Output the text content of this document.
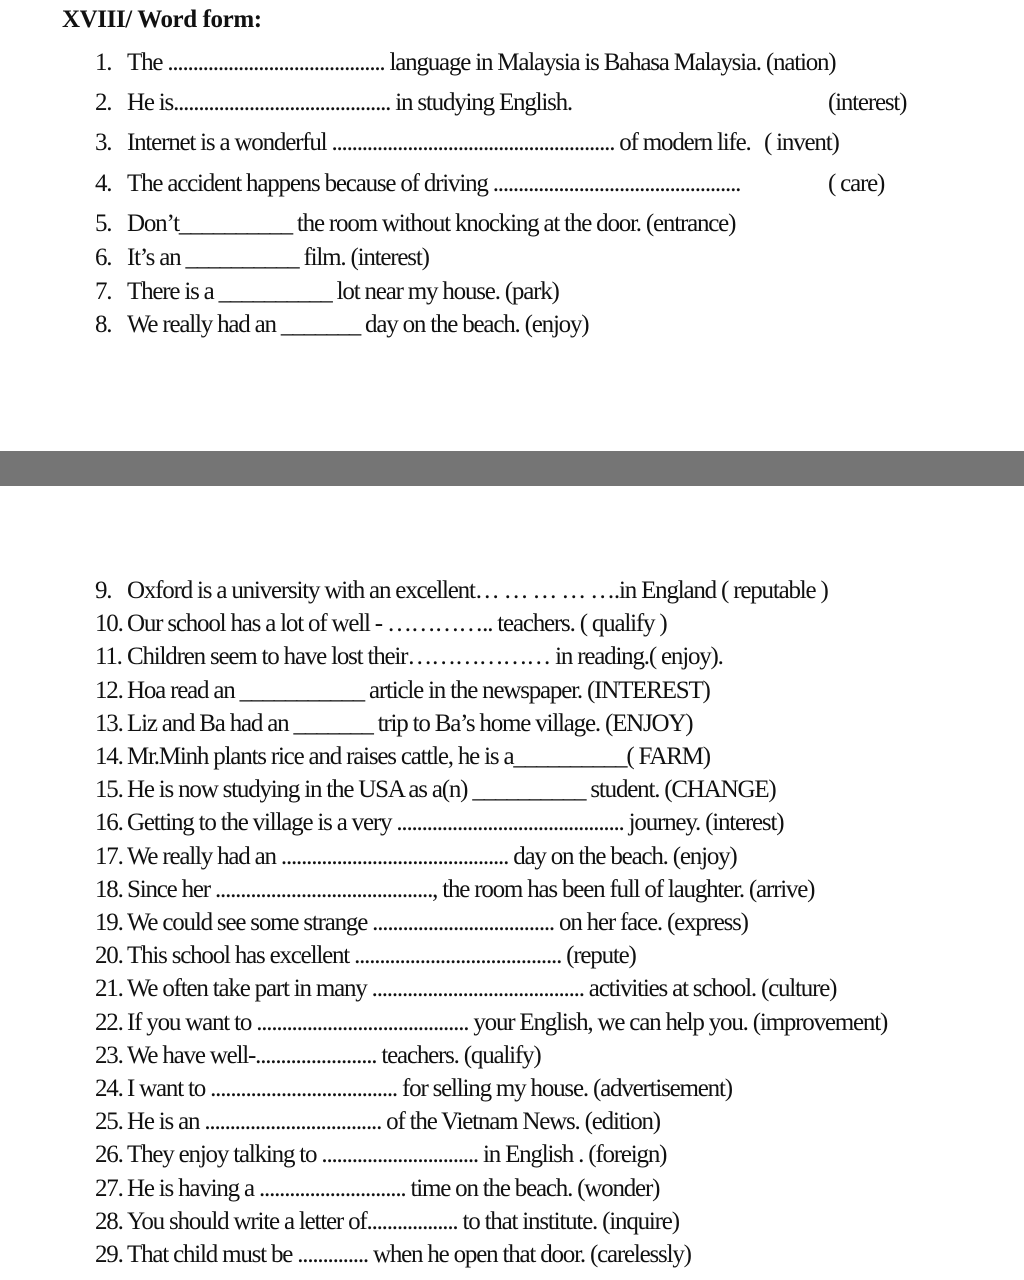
XVIII/ Word form:
1. The ........................................... language in Malaysia is Bahasa Malaysia. (nation)
2. He is........................................... in studying English.	(interest)
3. Internet is a wonderful ........................................................ of modern life. ( invent)
4. The accident happens because of driving .................................................	( care)
5. Don’t__________ the room without knocking at the door. (entrance)
6. It’s an __________ film. (interest)
7. There is a __________ lot near my house. (park)
8. We really had an _______ day on the beach. (enjoy)
9. Oxford is a university with an excellent… … … … ….in England ( reputable )
10. Our school has a lot of well - ………….. teachers. ( qualify )
11. Children seem to have lost their……………… in reading.( enjoy).
12. Hoa read an ___________ article in the newspaper. (INTEREST)
13. Liz and Ba had an _______ trip to Ba’s home village. (ENJOY)
14. Mr.Minh plants rice and raises cattle, he is a__________( FARM)
15. He is now studying in the USA as a(n) __________ student. (CHANGE)
16. Getting to the village is a very ............................................. journey. (interest)
17. We really had an ............................................. day on the beach. (enjoy)
18. Since her ..........................................., the room has been full of laughter. (arrive)
19. We could see some strange .................................... on her face. (express)
20. This school has excellent ......................................... (repute)
21. We often take part in many .......................................... activities at school. (culture)
22. If you want to .......................................... your English, we can help you. (improvement)
23. We have well-........................ teachers. (qualify)
24. I want to ..................................... for selling my house. (advertisement)
25. He is an ................................... of the Vietnam News. (edition)
26. They enjoy talking to ............................... in English . (foreign)
27. He is having a ............................. time on the beach. (wonder)
28. You should write a letter of.................. to that institute. (inquire)
29. That child must be .............. when he open that door. (carelessly)
